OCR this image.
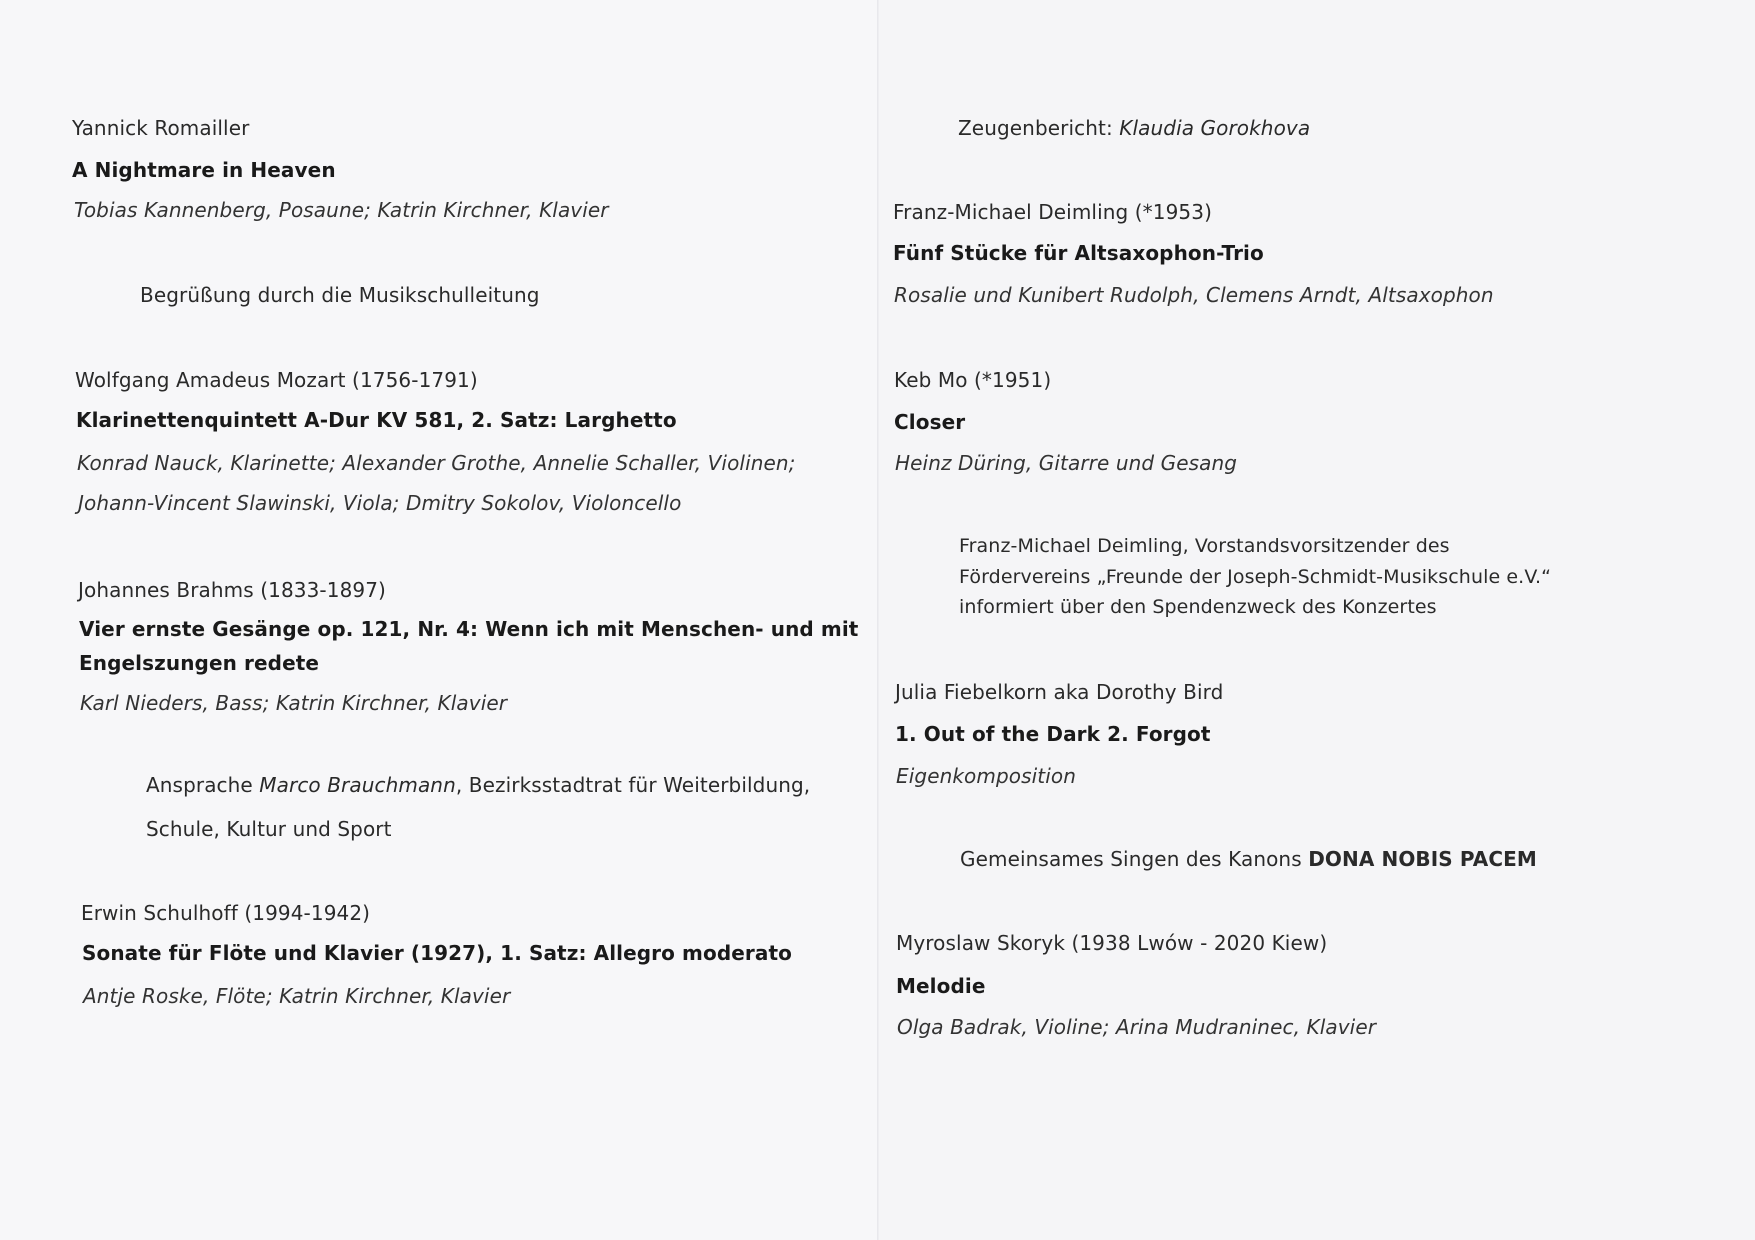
Yannick Romailler
A Nightmare in Heaven
Tobias Kannenberg, Posaune; Katrin Kirchner, Klavier
Begrüßung durch die Musikschulleitung
Wolfgang Amadeus Mozart (1756-1791)
Klarinettenquintett A-Dur KV 581, 2. Satz: Larghetto
Konrad Nauck, Klarinette; Alexander Grothe, Annelie Schaller, Violinen;
Johann-Vincent Slawinski, Viola; Dmitry Sokolov, Violoncello
Johannes Brahms (1833-1897)
Vier ernste Gesänge op. 121, Nr. 4: Wenn ich mit Menschen- und mit
Engelszungen redete
Karl Nieders, Bass; Katrin Kirchner, Klavier
Ansprache Marco Brauchmann, Bezirksstadtrat für Weiterbildung,
Schule, Kultur und Sport
Erwin Schulhoff (1994-1942)
Sonate für Flöte und Klavier (1927), 1. Satz: Allegro moderato
Antje Roske, Flöte; Katrin Kirchner, Klavier
Zeugenbericht: Klaudia Gorokhova
Franz-Michael Deimling (*1953)
Fünf Stücke für Altsaxophon-Trio
Rosalie und Kunibert Rudolph, Clemens Arndt, Altsaxophon
Keb Mo (*1951)
Closer
Heinz Düring, Gitarre und Gesang
Franz-Michael Deimling, Vorstandsvorsitzender des
Fördervereins „Freunde der Joseph-Schmidt-Musikschule e.V.“
informiert über den Spendenzweck des Konzertes
Julia Fiebelkorn aka Dorothy Bird
1. Out of the Dark 2. Forgot
Eigenkomposition
Gemeinsames Singen des Kanons DONA NOBIS PACEM
Myroslaw Skoryk (1938 Lwów - 2020 Kiew)
Melodie
Olga Badrak, Violine; Arina Mudraninec, Klavier
